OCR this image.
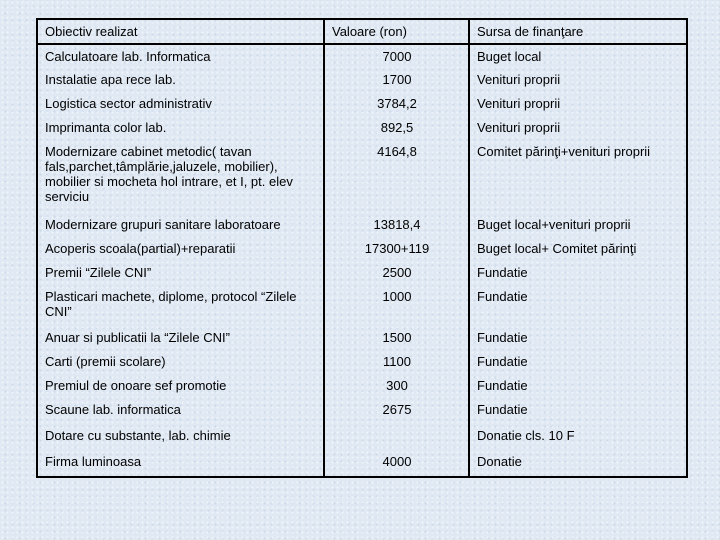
Obiectiv realizat	Valoare (ron)	Sursa de finanţare
Calculatoare lab. Informatica	7000	Buget local
Instalatie apa rece lab.	1700	Venituri proprii
Logistica sector administrativ	3784,2	Venituri proprii
Imprimanta color lab.	892,5	Venituri proprii
Modernizare cabinet metodic( tavan fals,parchet,tâmplărie,jaluzele, mobilier), mobilier si mocheta hol intrare, et I, pt. elev serviciu	4164,8	Comitet părinţi+venituri proprii
Modernizare grupuri sanitare laboratoare	13818,4	Buget local+venituri proprii
Acoperis scoala(partial)+reparatii	17300+119	Buget local+ Comitet părinţi
Premii “Zilele CNI”	2500	Fundatie
Plasticari machete, diplome, protocol “Zilele CNI”	1000	Fundatie
Anuar si publicatii la “Zilele CNI”	1500	Fundatie
Carti (premii scolare)	1100	Fundatie
Premiul de onoare sef promotie	300	Fundatie
Scaune lab. informatica	2675	Fundatie
Dotare cu substante, lab. chimie		Donatie cls. 10 F
Firma luminoasa	4000	Donatie
